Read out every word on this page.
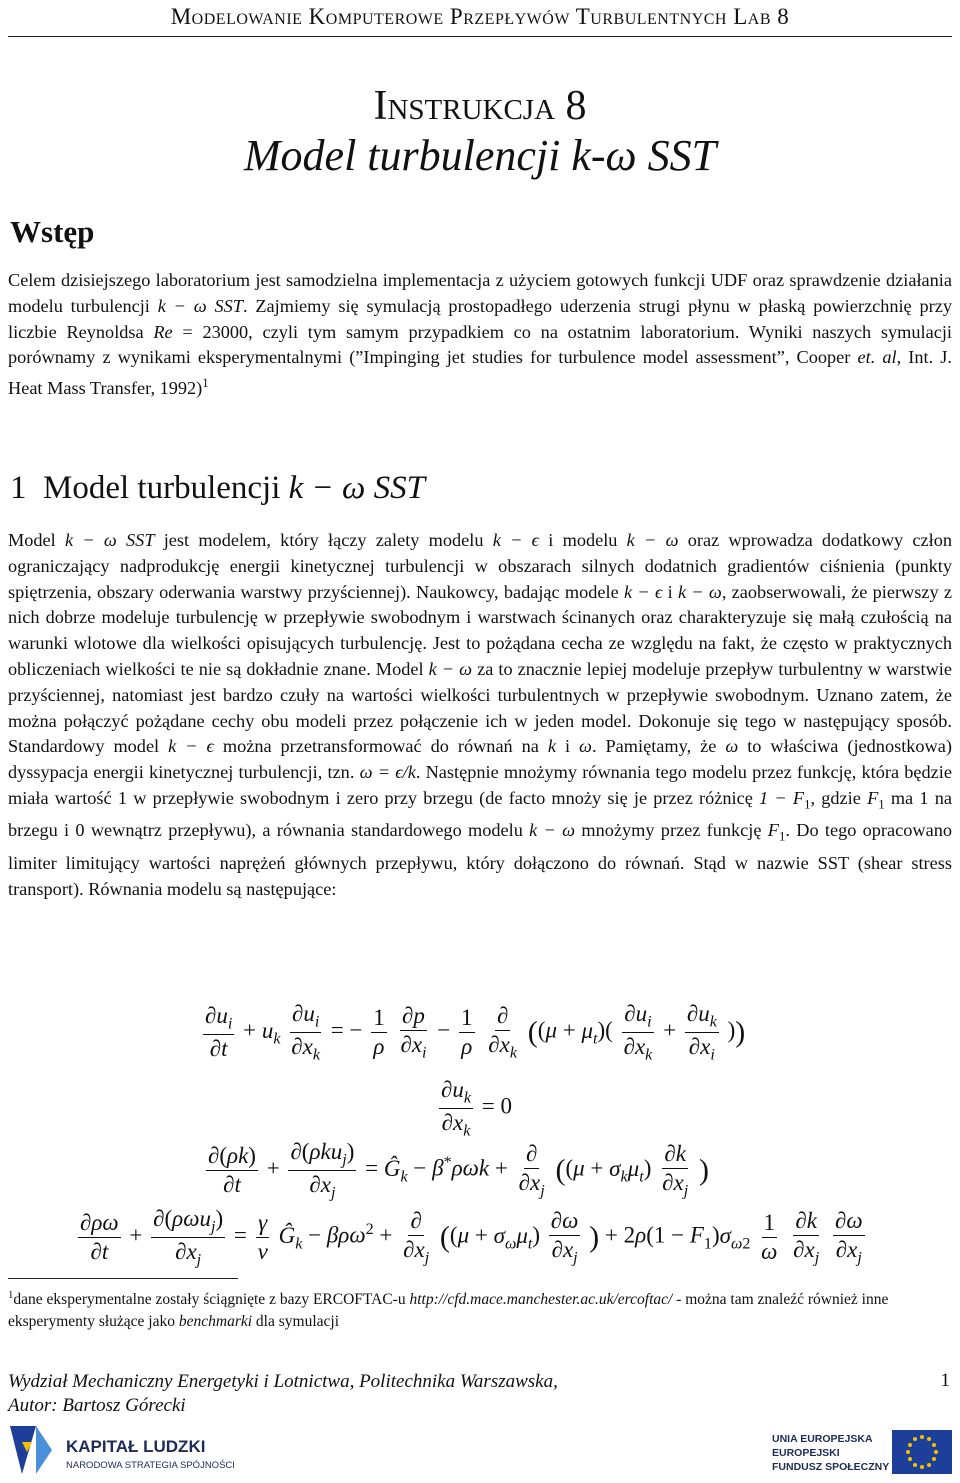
Modelowanie Komputerowe Przepływów Turbulentnych Lab 8
Instrukcja 8
Model turbulencji k-ω SST
Wstęp
Celem dzisiejszego laboratorium jest samodzielna implementacja z użyciem gotowych funkcji UDF oraz sprawdzenie działania modelu turbulencji k − ω SST. Zajmiemy się symulacją prostopadłego uderzenia strugi płynu w płaską powierzchnię przy liczbie Reynoldsa Re = 23000, czyli tym samym przypadkiem co na ostatnim laboratorium. Wyniki naszych symulacji porównamy z wynikami eksperymentalnymi (”Impinging jet studies for turbulence model assessment”, Cooper et. al, Int. J. Heat Mass Transfer, 1992)$^1$
1 Model turbulencji k − ω SST
Model k − ω SST jest modelem, który łączy zalety modelu k − ϵ i modelu k − ω oraz wprowadza dodatkowy człon ograniczający nadprodukcję energii kinetycznej turbulencji w obszarach silnych dodatnich gradientów ciśnienia (punkty spiętrzenia, obszary oderwania warstwy przyściennej). Naukowcy, badając modele k − ϵ i k − ω, zaobserwowali, że pierwszy z nich dobrze modeluje turbulencję w przepływie swobodnym i warstwach ścinanych oraz charakteryzuje się małą czułością na warunki wlotowe dla wielkości opisujących turbulencję. Jest to pożądana cecha ze względu na fakt, że często w praktycznych obliczeniach wielkości te nie są dokładnie znane. Model k − ω za to znacznie lepiej modeluje przepływ turbulentny w warstwie przyściennej, natomiast jest bardzo czuły na wartości wielkości turbulentnych w przepływie swobodnym. Uznano zatem, że można połączyć pożądane cechy obu modeli przez połączenie ich w jeden model. Dokonuje się tego w następujący sposób. Standardowy model k − ϵ można przetransformować do równań na k i ω. Pamiętamy, że ω to właściwa (jednostkowa) dyssypacja energii kinetycznej turbulencji, tzn. ω = ϵ/k. Następnie mnożymy równania tego modelu przez funkcję, która będzie miała wartość 1 w przepływie swobodnym i zero przy brzegu (de facto mnoży się je przez różnicę $1 - F_1$, gdzie $F_1$ ma 1 na brzegu i 0 wewnątrz przepływu), a równania standardowego modelu k − ω mnożymy przez funkcję $F_1$. Do tego opracowano limiter limitujący wartości naprężeń głównych przepływu, który dołączono do równań. Stąd w nazwie SST (shear stress transport). Równania modelu są następujące:
$\frac{\partial u_i}{\partial t} + u_k \frac{\partial u_i}{\partial x_k}$ = − $\frac{1}{\rho}$
$\frac{\partial p}{\partial x_i} - \frac{1}{\rho}$
$\frac{\partial}{\partial x_k} ((\mu + \mu_t)( \frac{\partial u_i}{\partial x_k} + \frac{\partial u_k}{\partial x_i}$ ))
$\frac{\partial u_k}{\partial x_k} = 0$
$\frac{\partial(\rho k)}{\partial t} + \frac{\partial(\rho ku_j)}{\partial x_j}$ = $Ĝ_k - \beta^*\rho\omega k + \frac{\partial}{\partial x_j} ((\mu + \sigma_k\mu_t) \frac{\partial k}{\partial x_j}$ )
$\frac{\partial\rho\omega}{\partial t} + \frac{\partial(\rho\omega u_j)}{\partial x_j} = \frac{\gamma}{\nu}$ $Ĝ_k - \beta\rho\omega^2 + \frac{\partial}{\partial x_j} ((\mu + \sigma_\omega\mu_t) \frac{\partial\omega}{\partial x_j}$ ) + $2\rho(1 - F_1)\sigma_{\omega 2} \frac{1}{\omega}$
$\frac{\partial k}{\partial x_j}$
$\frac{\partial\omega}{\partial x_j}$
$^1$dane eksperymentalne zostały ściągnięte z bazy ERCOFTAC-u http://cfd.mace.manchester.ac.uk/ercoftac/ - można tam znaleźć również inne eksperymenty służące jako benchmarki dla symulacji
Wydział Mechaniczny Energetyki i Lotnictwa, Politechnika Warszawska,
Autor: Bartosz Górecki
1
KAPITAŁ LUDZKI
NARODOWA STRATEGIA SPÓJNOŚCI
UNIA EUROPEJSKA
EUROPEJSKI
FUNDUSZ SPOŁECZNY
